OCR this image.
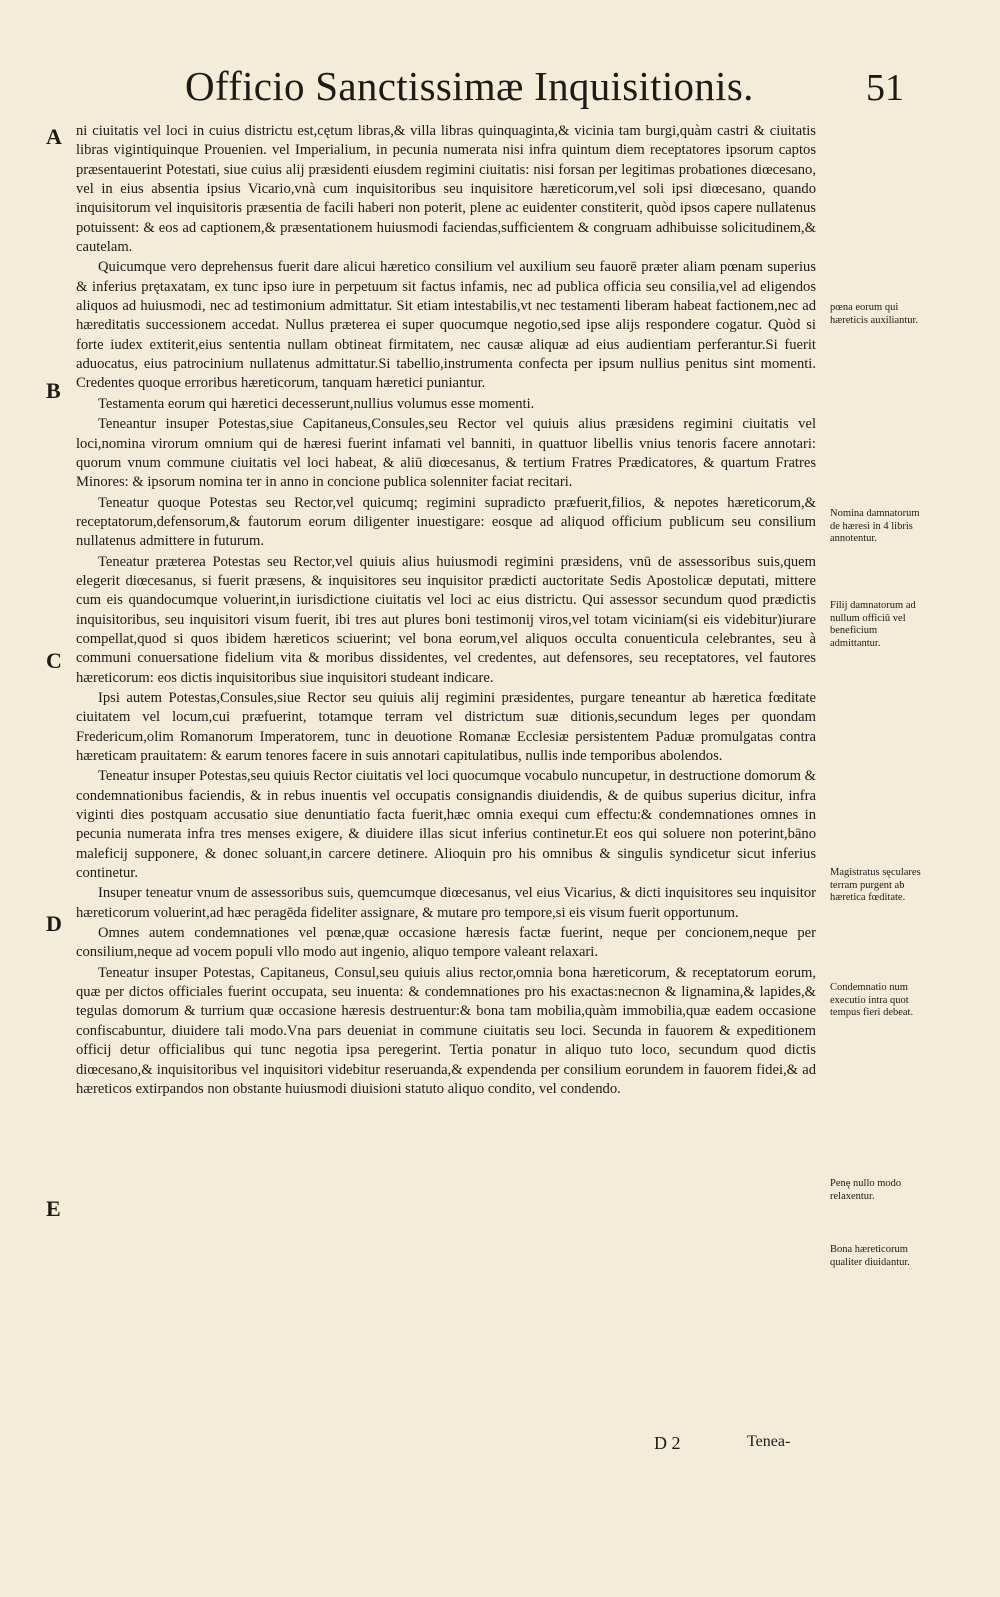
Officio Sanctissimæ Inquisitionis.	51
A
B
C
D
E

ni ciuitatis vel loci in cuius districtu est,cętum libras,& villa libras quinquaginta,& vicinia tam burgi,quàm castri & ciuitatis libras vigintiquinque Prouenien. vel Imperialium, in pecunia numerata nisi infra quintum diem receptatores ipsorum captos præsentauerint Potestati, siue cuius alij præsidenti eiusdem regimini ciuitatis: nisi forsan per legitimas probationes diœcesano, vel in eius absentia ipsius Vicario,vnà cum inquisitoribus seu inquisitore hæreticorum,vel soli ipsi diœcesano, quando inquisitorum vel inquisitoris præsentia de facili haberi non poterit, plene ac euidenter constiterit, quòd ipsos capere nullatenus potuissent: & eos ad captionem,& præsentationem huiusmodi faciendas,sufficientem & congruam adhibuisse solicitudinem,& cautelam.

Quicumque vero deprehensus fuerit dare alicui hæretico consilium vel auxilium seu fauorē præter aliam pœnam superius & inferius prętaxatam, ex tunc ipso iure in perpetuum sit factus infamis, nec ad publica officia seu consilia,vel ad eligendos aliquos ad huiusmodi, nec ad testimonium admittatur. Sit etiam intestabilis,vt nec testamenti liberam habeat factionem,nec ad hæreditatis successionem accedat. Nullus præterea ei super quocumque negotio,sed ipse alijs respondere cogatur. Quòd si forte iudex extiterit,eius sententia nullam obtineat firmitatem, nec causæ aliquæ ad eius audientiam perferantur.Si fuerit aduocatus, eius patrocinium nullatenus admittatur.Si tabellio,instrumenta confecta per ipsum nullius penitus sint momenti. Credentes quoque erroribus hæreticorum, tanquam hæretici puniantur.

Testamenta eorum qui hæretici decesserunt,nullius volumus esse momenti.

Teneantur insuper Potestas,siue Capitaneus,Consules,seu Rector vel quiuis alius præsidens regimini ciuitatis vel loci,nomina virorum omnium qui de hæresi fuerint infamati vel banniti, in quattuor libellis vnius tenoris facere annotari: quorum vnum commune ciuitatis vel loci habeat, & aliū diœcesanus, & tertium Fratres Prædicatores, & quartum Fratres Minores: & ipsorum nomina ter in anno in concione publica solenniter faciat recitari.

Teneatur quoque Potestas seu Rector,vel quicumq; regimini supradicto præfuerit,filios, & nepotes hæreticorum,& receptatorum,defensorum,& fautorum eorum diligenter inuestigare: eosque ad aliquod officium publicum seu consilium nullatenus admittere in futurum.

Teneatur præterea Potestas seu Rector,vel quiuis alius huiusmodi regimini præsidens, vnū de assessoribus suis,quem elegerit diœcesanus, si fuerit præsens, & inquisitores seu inquisitor prædicti auctoritate Sedis Apostolicæ deputati, mittere cum eis quandocumque voluerint,in iurisdictione ciuitatis vel loci ac eius districtu. Qui assessor secundum quod prædictis inquisitoribus, seu inquisitori visum fuerit, ibi tres aut plures boni testimonij viros,vel totam viciniam(si eis videbitur)iurare compellat,quod si quos ibidem hæreticos sciuerint; vel bona eorum,vel aliquos occulta conuenticula celebrantes, seu à communi conuersatione fidelium vita & moribus dissidentes, vel credentes, aut defensores, seu receptatores, vel fautores hæreticorum: eos dictis inquisitoribus siue inquisitori studeant indicare.

Ipsi autem Potestas,Consules,siue Rector seu quiuis alij regimini præsidentes, purgare teneantur ab hæretica fœditate ciuitatem vel locum,cui præfuerint, totamque terram vel districtum suæ ditionis,secundum leges per quondam Fredericum,olim Romanorum Imperatorem, tunc in deuotione Romanæ Ecclesiæ persistentem Paduæ promulgatas contra hæreticam prauitatem: & earum tenores facere in suis annotari capitulatibus, nullis inde temporibus abolendos.

Teneatur insuper Potestas,seu quiuis Rector ciuitatis vel loci quocumque vocabulo nuncupetur, in destructione domorum & condemnationibus faciendis, & in rebus inuentis vel occupatis consignandis diuidendis, & de quibus superius dicitur, infra viginti dies postquam accusatio siue denuntiatio facta fuerit,hæc omnia exequi cum effectu:& condemnationes omnes in pecunia numerata infra tres menses exigere, & diuidere illas sicut inferius continetur.Et eos qui soluere non poterint,bāno maleficij supponere, & donec soluant,in carcere detinere. Alioquin pro his omnibus & singulis syndicetur sicut inferius continetur.

Insuper teneatur vnum de assessoribus suis, quemcumque diœcesanus, vel eius Vicarius, & dicti inquisitores seu inquisitor hæreticorum voluerint,ad hæc peragēda fideliter assignare, & mutare pro tempore,si eis visum fuerit opportunum.

Omnes autem condemnationes vel pœnæ,quæ occasione hæresis factæ fuerint, neque per concionem,neque per consilium,neque ad vocem populi vllo modo aut ingenio, aliquo tempore valeant relaxari.

Teneatur insuper Potestas, Capitaneus, Consul,seu quiuis alius rector,omnia bona hæreticorum, & receptatorum eorum, quæ per dictos officiales fuerint occupata, seu inuenta: & condemnationes pro his exactas:necnon & lignamina,& lapides,& tegulas domorum & turrium quæ occasione hæresis destruentur:& bona tam mobilia,quàm immobilia,quæ eadem occasione confiscabuntur, diuidere tali modo.Vna pars deueniat in commune ciuitatis seu loci. Secunda in fauorem & expeditionem officij detur officialibus qui tunc negotia ipsa peregerint. Tertia ponatur in aliquo tuto loco, secundum quod dictis diœcesano,& inquisitoribus vel inquisitori videbitur reseruanda,& expendenda per consilium eorundem in fauorem fidei,& ad hæreticos extirpandos non obstante huiusmodi diuisioni statuto aliquo condito, vel condendo.

pœna eorum qui hæreticis auxiliantur.
Nomina damnatorum de hæresi in 4 libris annotentur.
Filij damnatorum ad nullum officiū vel beneficium admittantur.
Magistratus sęculares terram purgent ab hæretica fœditate.
Condemnatio num executio intra quot tempus fieri debeat.
Penę nullo modo relaxentur.
Bona hæreticorum qualiter diuidantur.
D 2	Tenea-
